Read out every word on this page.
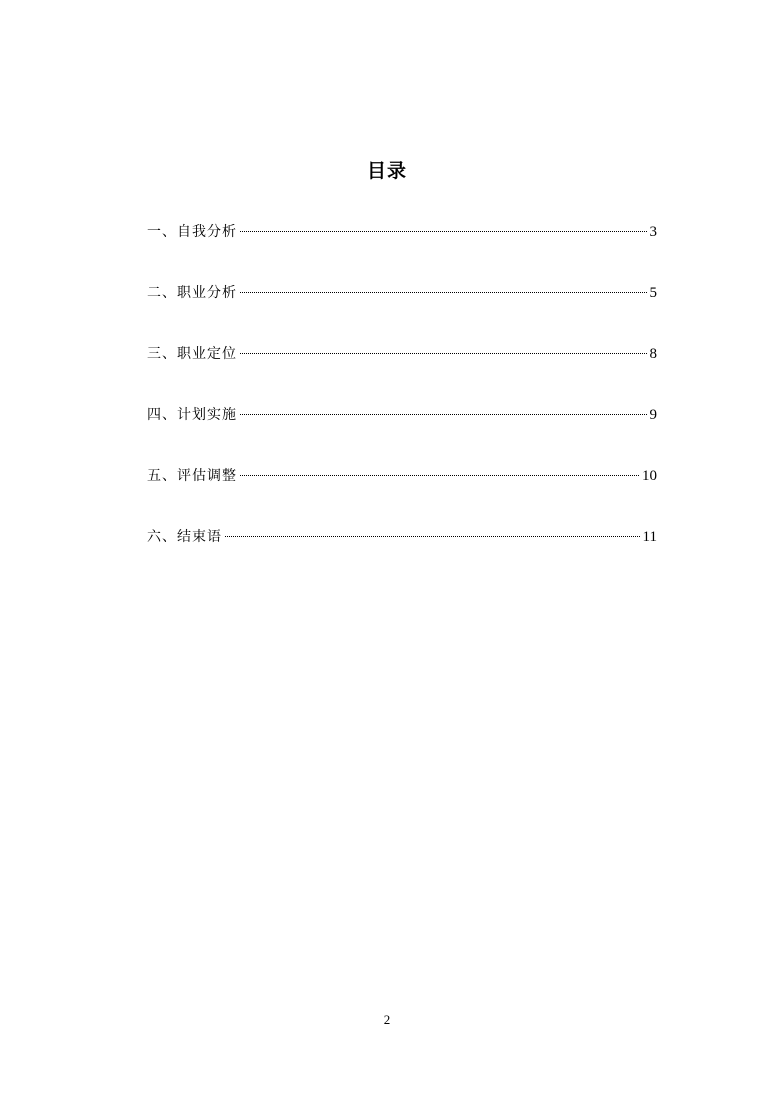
目录
一、自我分析	3
二、职业分析	5
三、职业定位	8
四、计划实施	9
五、评估调整	10
六、结束语	11
2
